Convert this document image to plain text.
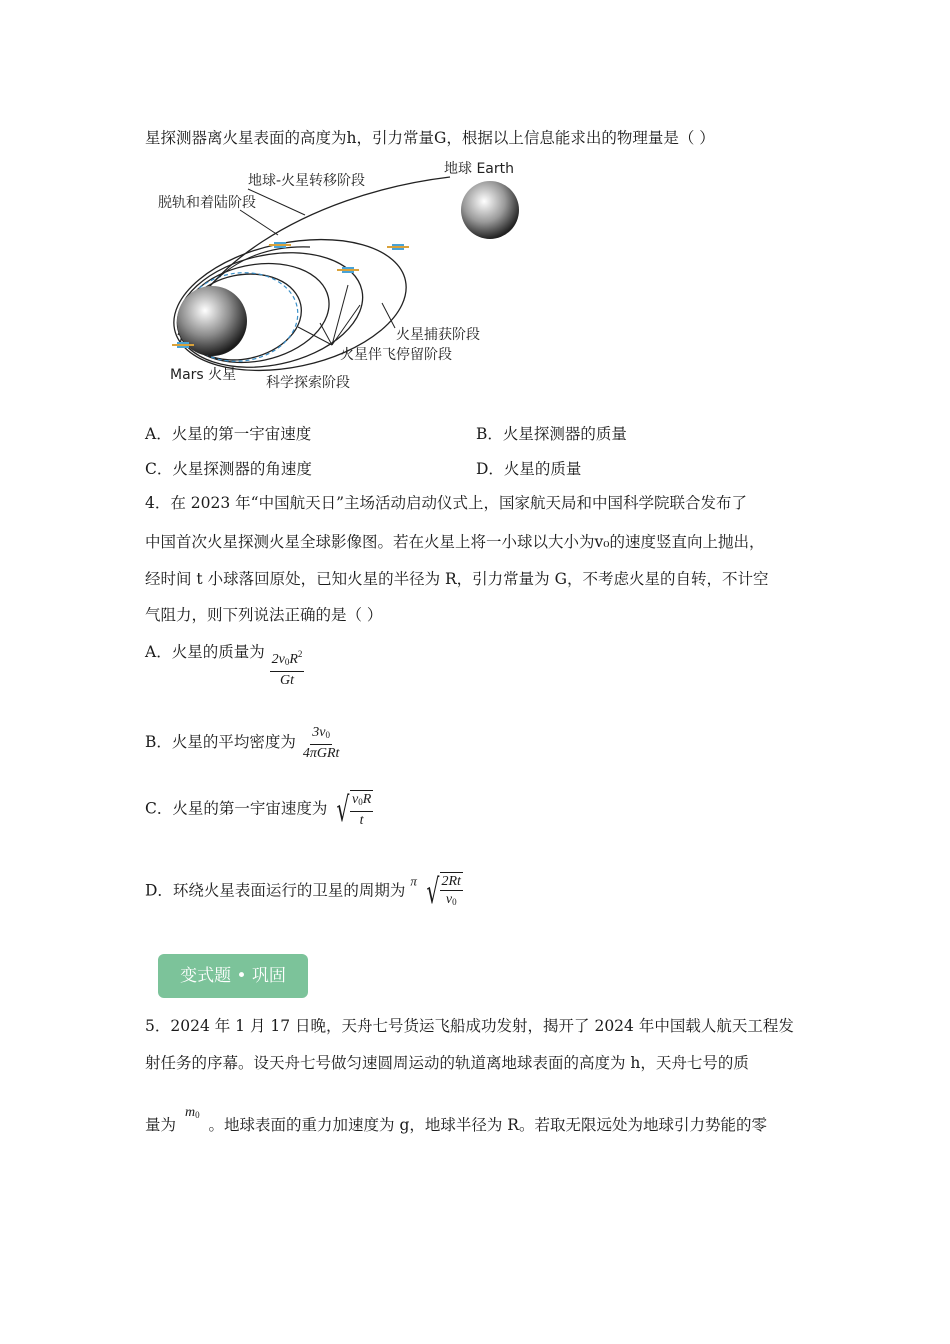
星探测器离火星表面的高度为h，引力常量G，根据以上信息能求出的物理量是（ ）
地球 Earth
地球-火星转移阶段
脱轨和着陆阶段
火星捕获阶段
火星伴飞停留阶段
Mars 火星 科学探索阶段
A．火星的第一宇宙速度	B．火星探测器的质量
C．火星探测器的角速度	D．火星的质量
4．在 2023 年“中国航天日”主场活动启动仪式上，国家航天局和中国科学院联合发布了
中国首次火星探测火星全球影像图。若在火星上将一小球以大小为v₀的速度竖直向上抛出，
经时间 t 小球落回原处，已知火星的半径为 R，引力常量为 G，不考虑火星的自转，不计空
气阻力，则下列说法正确的是（ ）
A．火星的质量为 $\frac{2v_0R^2}{Gt}$
B．火星的平均密度为 $\frac{3v_0}{\text{4πGRt}}$
C．火星的第一宇宙速度为 √ $\frac{v_0R}{t}$
D．环绕火星表面运行的卫星的周期为 $^\pi$ √ $\frac{2Rt}{v_0}$
变式题 • 巩固
5．2024 年 1 月 17 日晚，天舟七号货运飞船成功发射，揭开了 2024 年中国载人航天工程发
射任务的序幕。设天舟七号做匀速圆周运动的轨道离地球表面的高度为 h，天舟七号的质
量为 $m_0$ 。地球表面的重力加速度为 g，地球半径为 R。若取无限远处为地球引力势能的零
